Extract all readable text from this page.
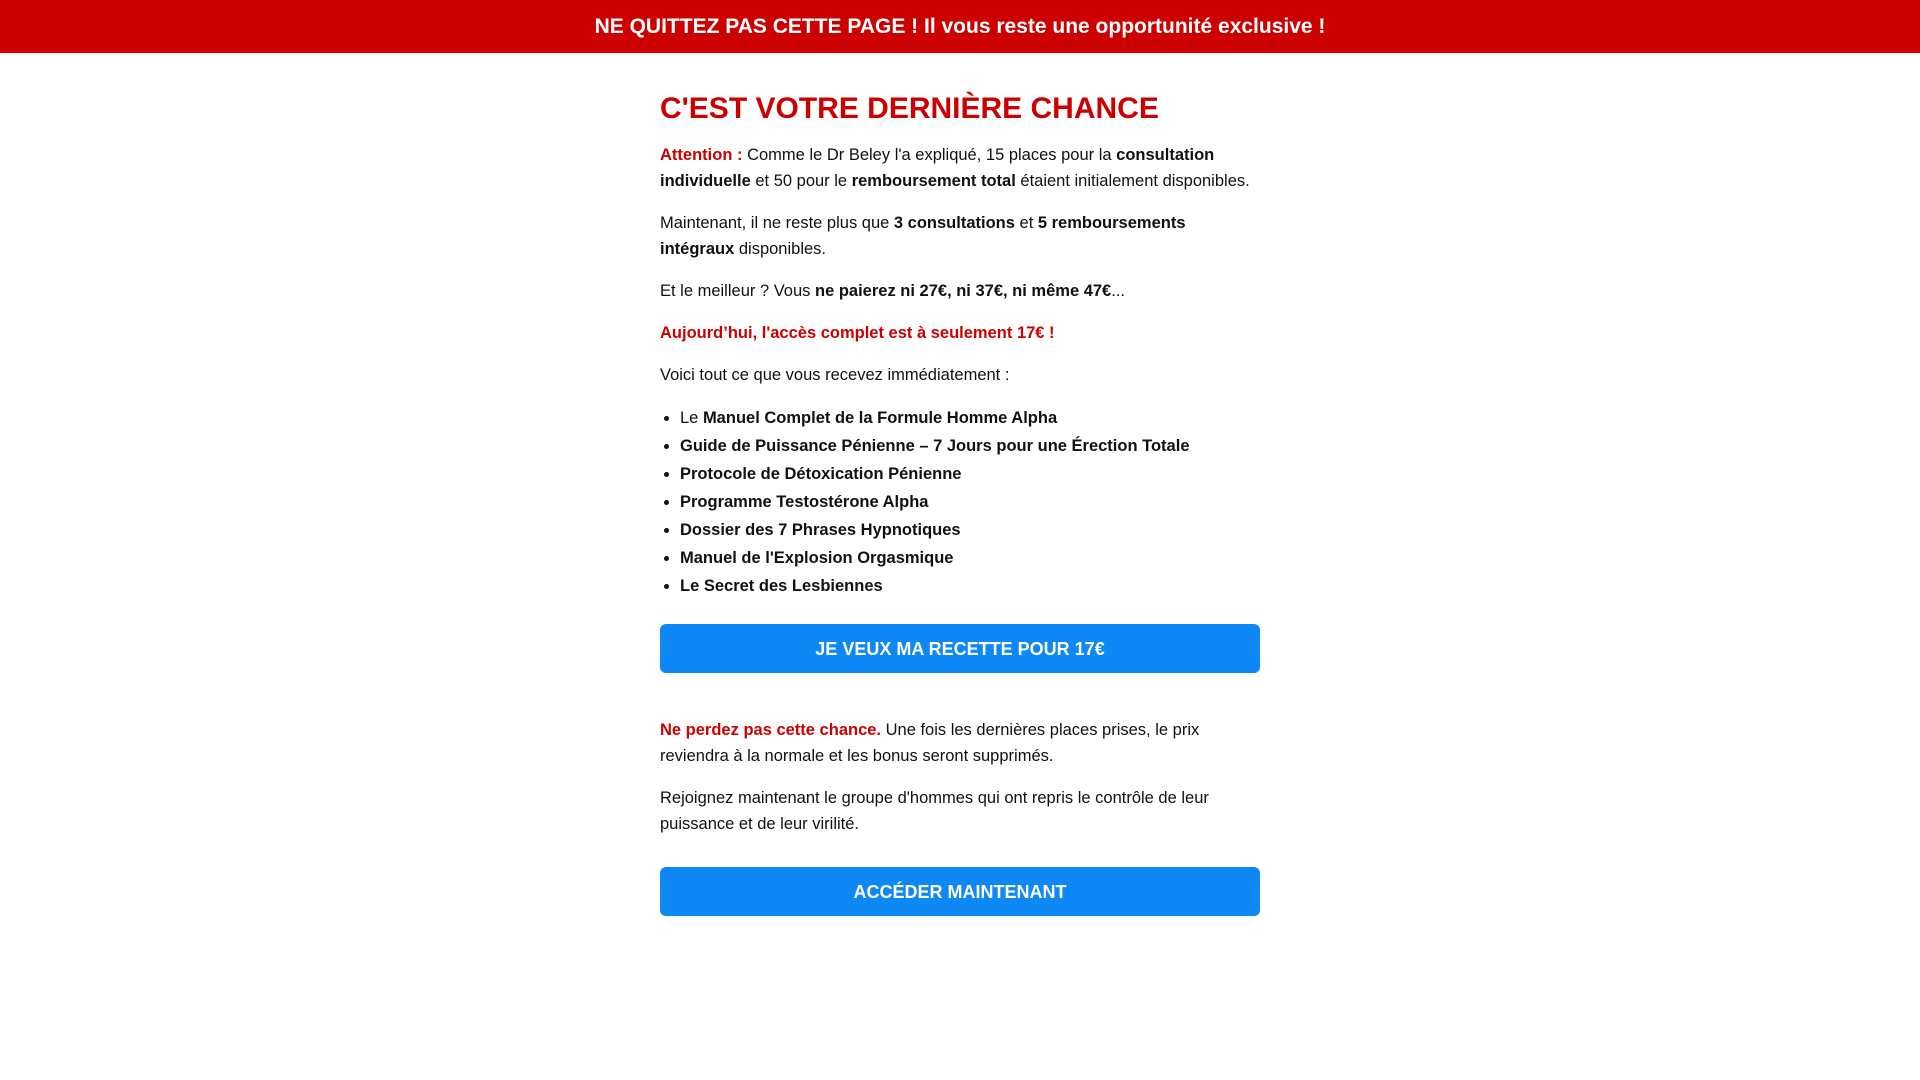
NE QUITTEZ PAS CETTE PAGE ! Il vous reste une opportunité exclusive !
C'EST VOTRE DERNIÈRE CHANCE

Attention : Comme le Dr Beley l'a expliqué, 15 places pour la consultation individuelle et 50 pour le remboursement total étaient initialement disponibles.

Maintenant, il ne reste plus que 3 consultations et 5 remboursements intégraux disponibles.

Et le meilleur ? Vous ne paierez ni 27€, ni 37€, ni même 47€...

Aujourd’hui, l'accès complet est à seulement 17€ !

Voici tout ce que vous recevez immédiatement :

• Le Manuel Complet de la Formule Homme Alpha
• Guide de Puissance Pénienne – 7 Jours pour une Érection Totale
• Protocole de Détoxication Pénienne
• Programme Testostérone Alpha
• Dossier des 7 Phrases Hypnotiques
• Manuel de l'Explosion Orgasmique
• Le Secret des Lesbiennes
JE VEUX MA RECETTE POUR 17€

Ne perdez pas cette chance. Une fois les dernières places prises, le prix reviendra à la normale et les bonus seront supprimés.

Rejoignez maintenant le groupe d'hommes qui ont repris le contrôle de leur puissance et de leur virilité.

ACCÉDER MAINTENANT
